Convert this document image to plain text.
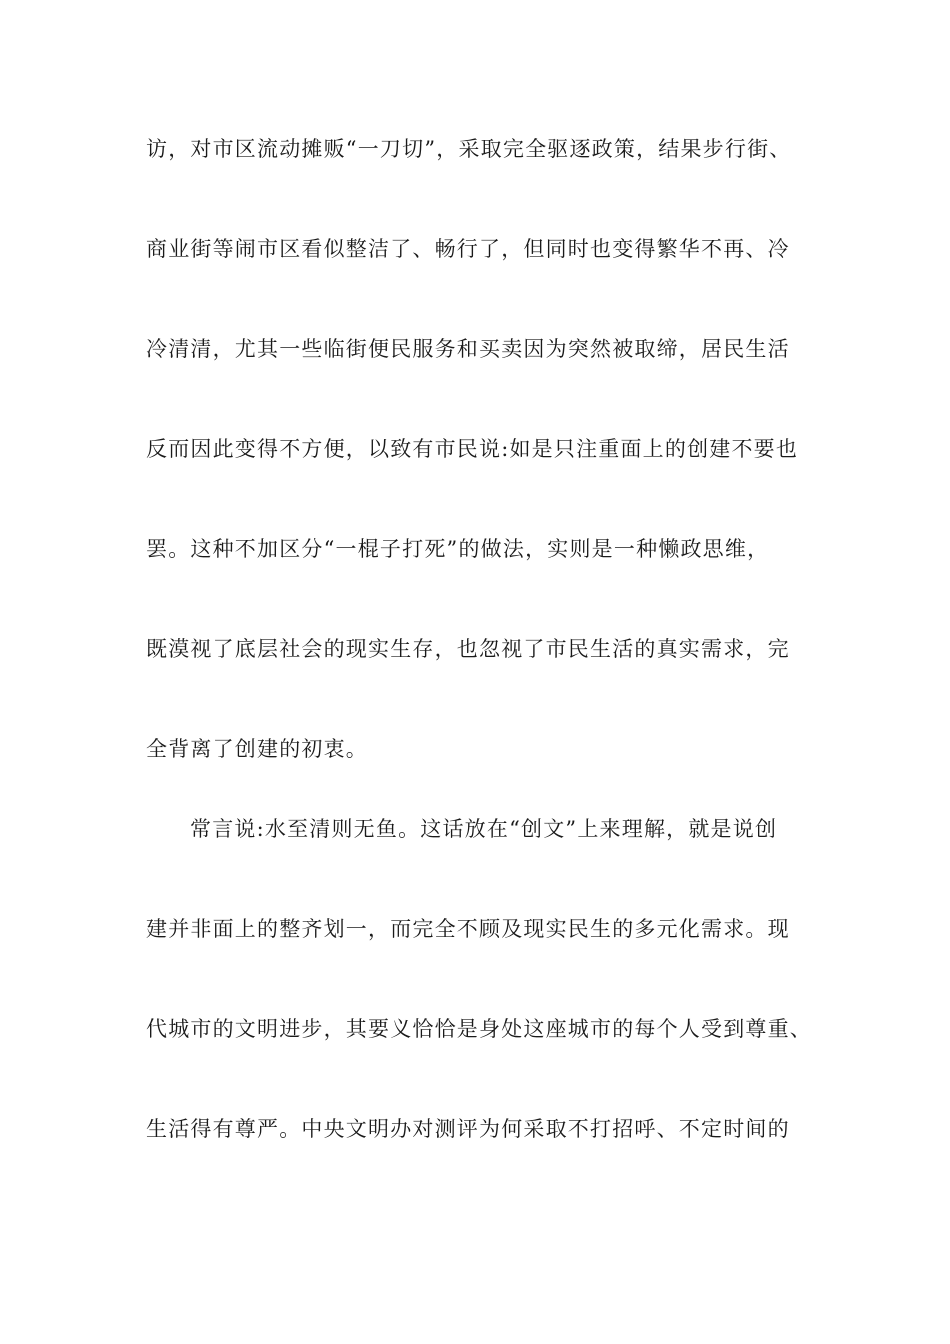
访，对市区流动摊贩“一刀切”，采取完全驱逐政策，结果步行街、
商业街等闹市区看似整洁了、畅行了，但同时也变得繁华不再、冷
冷清清，尤其一些临街便民服务和买卖因为突然被取缔，居民生活
反而因此变得不方便，以致有市民说:如是只注重面上的创建不要也
罢。这种不加区分“一棍子打死”的做法，实则是一种懒政思维，
既漠视了底层社会的现实生存，也忽视了市民生活的真实需求，完
全背离了创建的初衷。
常言说:水至清则无鱼。这话放在“创文”上来理解，就是说创
建并非面上的整齐划一，而完全不顾及现实民生的多元化需求。现
代城市的文明进步，其要义恰恰是身处这座城市的每个人受到尊重、
生活得有尊严。中央文明办对测评为何采取不打招呼、不定时间的
